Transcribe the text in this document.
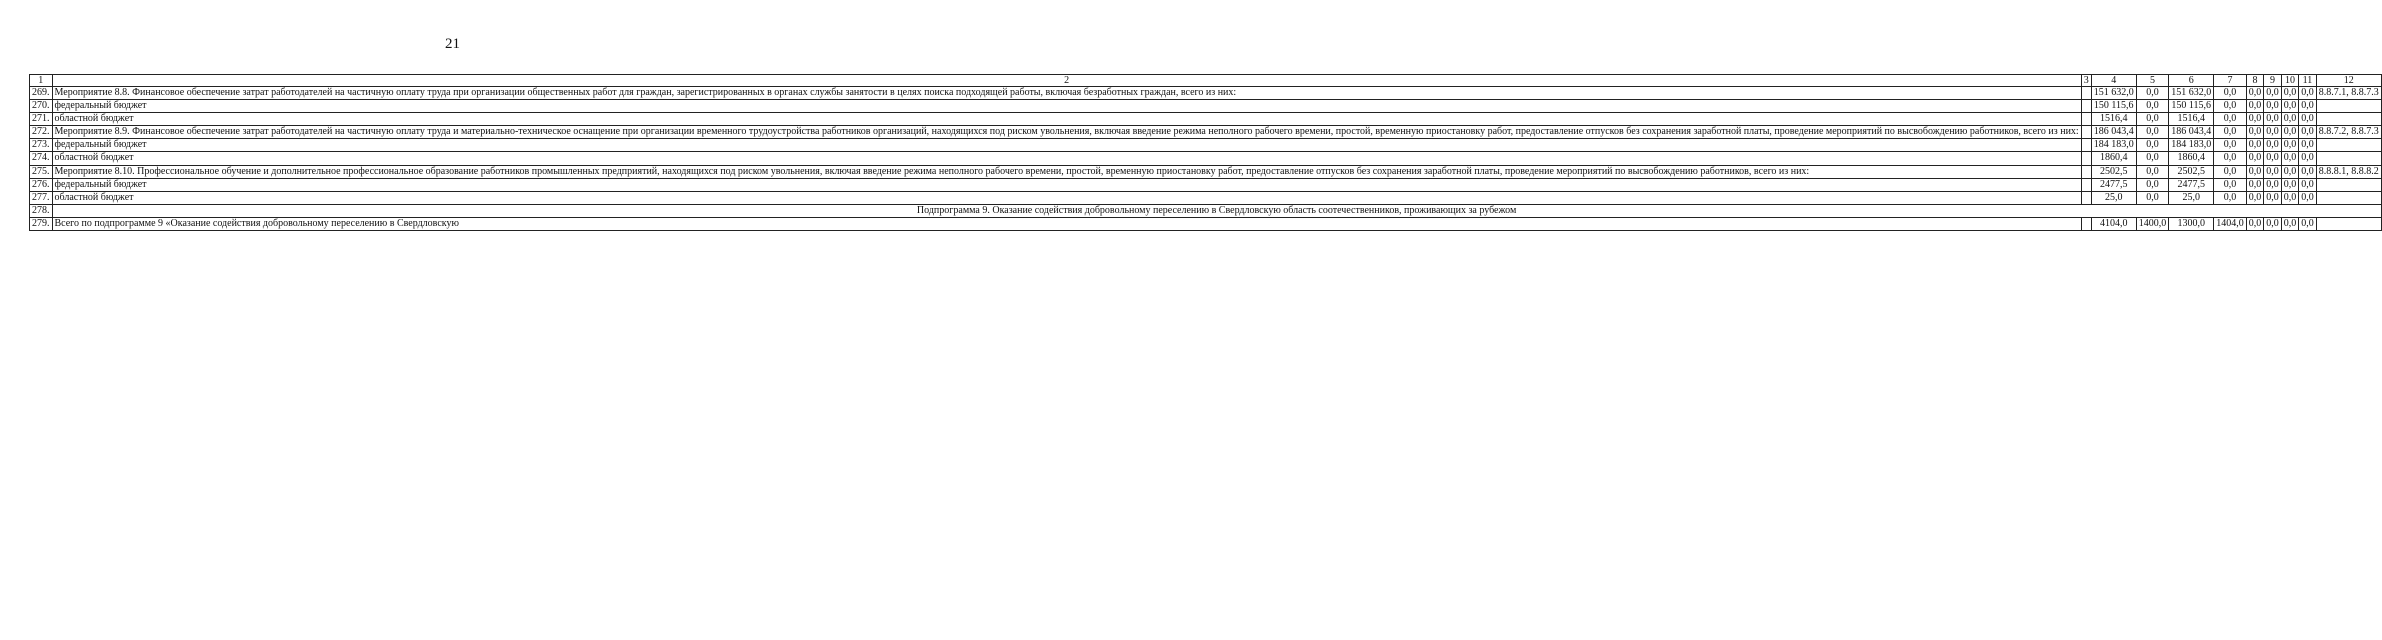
21
1	2	3	4	5	6	7	8	9	10	11	12
269.	Мероприятие 8.8. Финансовое обеспечение затрат работодателей на частичную оплату труда при организации общественных работ для граждан, зарегистрированных в органах службы занятости в целях поиска подходящей работы, включая безработных граждан, всего из них:		151 632,0	0,0	151 632,0	0,0	0,0	0,0	0,0	0,0	8.8.7.1, 8.8.7.3
270.	федеральный бюджет		150 115,6	0,0	150 115,6	0,0	0,0	0,0	0,0	0,0	
271.	областной бюджет		1516,4	0,0	1516,4	0,0	0,0	0,0	0,0	0,0	
272.	Мероприятие 8.9. Финансовое обеспечение затрат работодателей на частичную оплату труда и материально-техническое оснащение при организации временного трудоустройства работников организаций, находящихся под риском увольнения, включая введение режима неполного рабочего времени, простой, временную приостановку работ, предоставление отпусков без сохранения заработной платы, проведение мероприятий по высвобождению работников, всего из них:		186 043,4	0,0	186 043,4	0,0	0,0	0,0	0,0	0,0	8.8.7.2, 8.8.7.3
273.	федеральный бюджет		184 183,0	0,0	184 183,0	0,0	0,0	0,0	0,0	0,0	
274.	областной бюджет		1860,4	0,0	1860,4	0,0	0,0	0,0	0,0	0,0	
275.	Мероприятие 8.10. Профессиональное обучение и дополнительное профессиональное образование работников промышленных предприятий, находящихся под риском увольнения, включая введение режима неполного рабочего времени, простой, временную приостановку работ, предоставление отпусков без сохранения заработной платы, проведение мероприятий по высвобождению работников, всего из них:		2502,5	0,0	2502,5	0,0	0,0	0,0	0,0	0,0	8.8.8.1, 8.8.8.2
276.	федеральный бюджет		2477,5	0,0	2477,5	0,0	0,0	0,0	0,0	0,0	
277.	областной бюджет		25,0	0,0	25,0	0,0	0,0	0,0	0,0	0,0	
278.	Подпрограмма 9. Оказание содействия добровольному переселению в Свердловскую область соотечественников, проживающих за рубежом										
279.	Всего по подпрограмме 9 «Оказание содействия добровольному переселению в Свердловскую		4104,0	1400,0	1300,0	1404,0	0,0	0,0	0,0	0,0	
